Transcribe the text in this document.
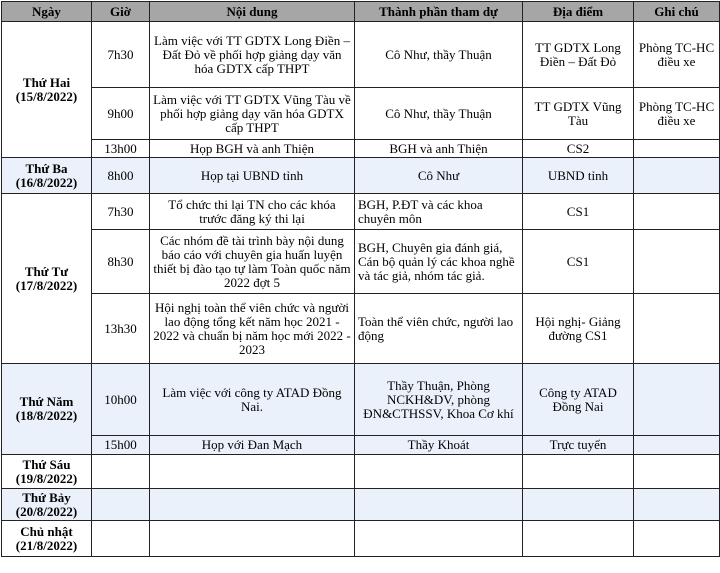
Ngày	Giờ	Nội dung	Thành phần tham dự	Địa điểm	Ghi chú

Thứ Hai
(15/8/2022)	7h30	Làm việc với TT GDTX Long Điền – Đất Đỏ về phối hợp giảng dạy văn hóa GDTX cấp THPT	Cô Như, thầy Thuận	TT GDTX Long Điền – Đất Đỏ	Phòng TC-HC điều xe
	9h00	Làm việc với TT GDTX Vũng Tàu về phối hợp giảng dạy văn hóa GDTX cấp THPT	Cô Như, thầy Thuận	TT GDTX Vũng Tàu	Phòng TC-HC điều xe
	13h00	Họp BGH và anh Thiện	BGH và anh Thiện	CS2	

Thứ Ba
(16/8/2022)	8h00	Họp tại UBND tỉnh	Cô Như	UBND tỉnh	

Thứ Tư
(17/8/2022)	7h30	Tổ chức thi lại TN cho các khóa trước đăng ký thi lại	BGH, P.ĐT và các khoa chuyên môn	CS1	
	8h30	Các nhóm đề tài trình bày nội dung báo cáo với chuyên gia huấn luyện thiết bị đào tạo tự làm Toàn quốc năm 2022 đợt 5	BGH, Chuyên gia đánh giá, Cán bộ quản lý các khoa nghề và tác giả, nhóm tác giả.	CS1	
	13h30	Hội nghị toàn thể viên chức và người lao động tổng kết năm học 2021 - 2022 và chuẩn bị năm học mới 2022 - 2023	Toàn thể viên chức, người lao động	Hội nghị- Giảng đường CS1	

Thứ Năm
(18/8/2022)	10h00	Làm việc với công ty ATAD Đồng Nai.	Thầy Thuận, Phòng NCKH&DV, phòng ĐN&CTHSSV, Khoa Cơ khí	Công ty ATAD Đồng Nai	
	15h00	Họp với Đan Mạch	Thầy Khoát	Trực tuyến	

Thứ Sáu
(19/8/2022)					

Thứ Bảy
(20/8/2022)					

Chủ nhật
(21/8/2022)					
